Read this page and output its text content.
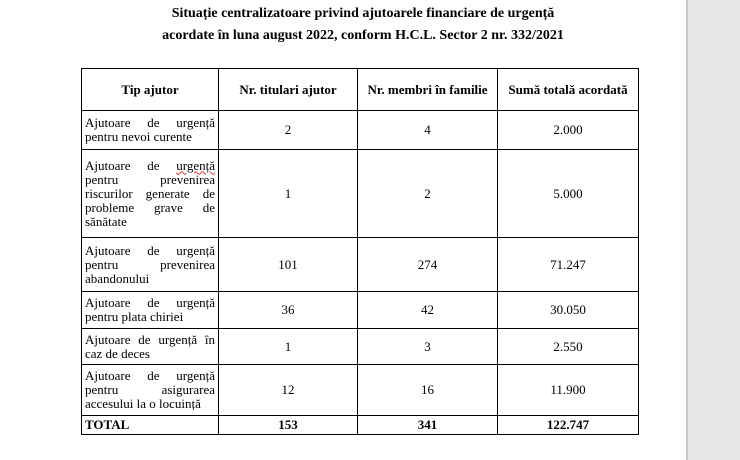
Situație centralizatoare privind ajutoarele financiare de urgență
acordate în luna august 2022, conform H.C.L. Sector 2 nr. 332/2021
Tip ajutor	Nr. titulari ajutor	Nr. membri în familie	Sumă totală acordată
Ajutoare de urgență pentru nevoi curente	2	4	2.000
Ajutoare de urgență pentru prevenirea riscurilor generate de probleme grave de sănătate	1	2	5.000
Ajutoare de urgență pentru prevenirea abandonului	101	274	71.247
Ajutoare de urgență pentru plata chiriei	36	42	30.050
Ajutoare de urgență în caz de deces	1	3	2.550
Ajutoare de urgență pentru asigurarea accesului la o locuință	12	16	11.900
TOTAL	153	341	122.747
